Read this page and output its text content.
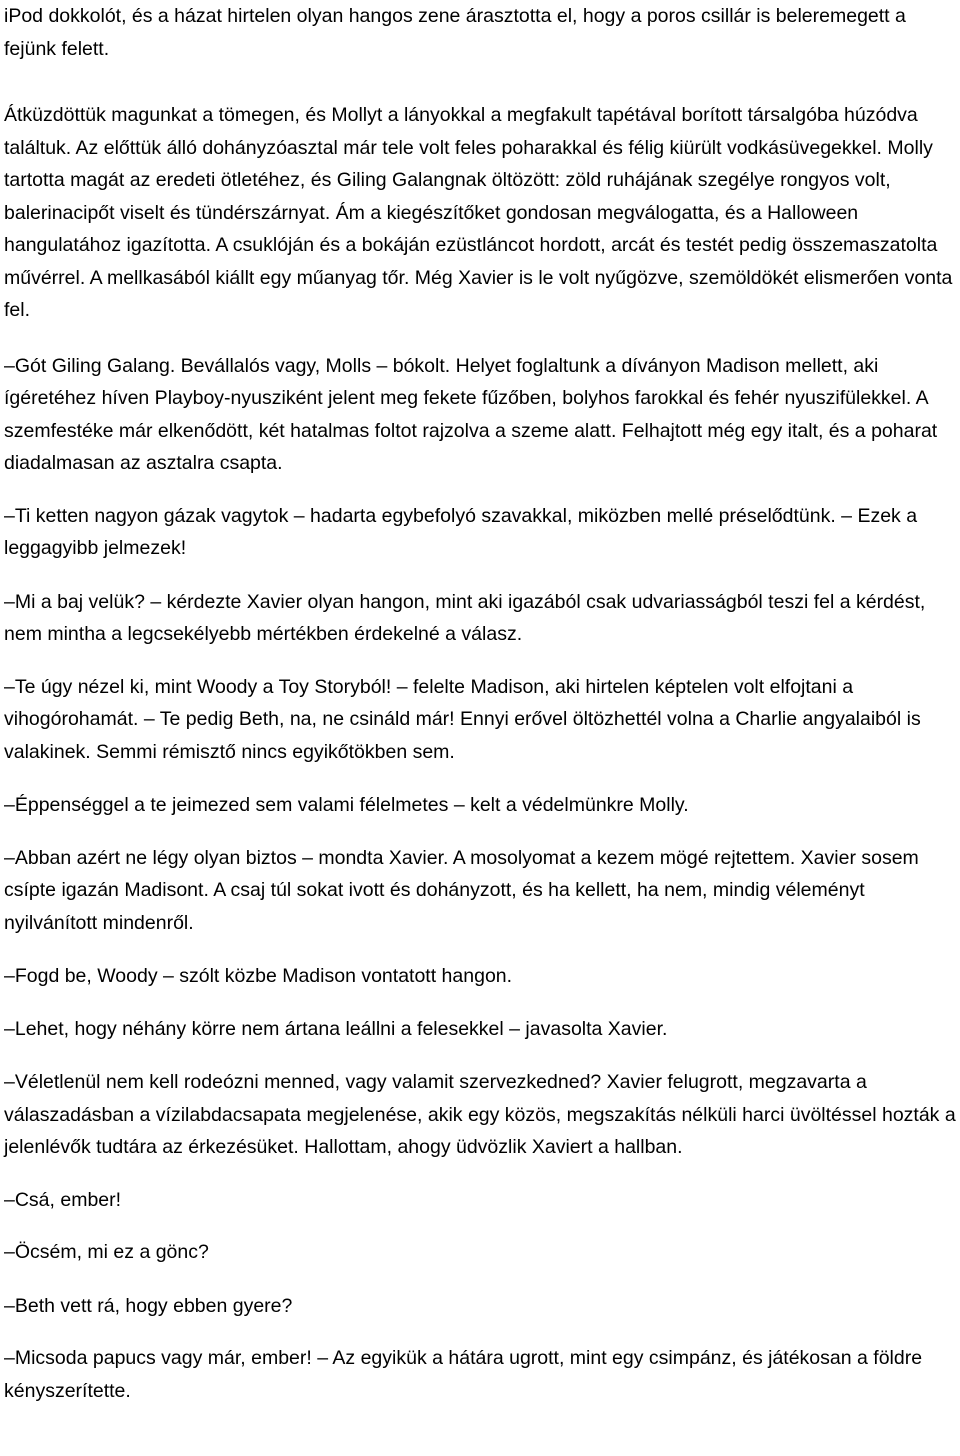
iPod dokkolót, és a házat hirtelen olyan hangos zene árasztotta el, hogy a poros csillár is beleremegett a fejünk felett.

Átküzdöttük magunkat a tömegen, és Mollyt a lányokkal a megfakult tapétával borított társalgóba húzódva találtuk. Az előttük álló dohányzóasztal már tele volt feles poharakkal és félig kiürült vodkásüvegekkel. Molly tartotta magát az eredeti ötletéhez, és Giling Galangnak öltözött: zöld ruhájának szegélye rongyos volt, balerinacipőt viselt és tündérszárnyat. Ám a kiegészítőket gondosan megválogatta, és a Halloween hangulatához igazította. A csuklóján és a bokáján ezüstláncot hordott, arcát és testét pedig összemaszatolta művérrel. A mellkasából kiállt egy műanyag tőr. Még Xavier is le volt nyűgözve, szemöldökét elismerően vonta fel.

–Gót Giling Galang. Bevállalós vagy, Molls – bókolt. Helyet foglaltunk a díványon Madison mellett, aki ígéretéhez híven Playboy-nyusziként jelent meg fekete fűzőben, bolyhos farokkal és fehér nyuszifülekkel. A szemfestéke már elkenődött, két hatalmas foltot rajzolva a szeme alatt. Felhajtott még egy italt, és a poharat diadalmasan az asztalra csapta.

–Ti ketten nagyon gázak vagytok – hadarta egybefolyó szavakkal, miközben mellé préselődtünk. – Ezek a leggagyibb jelmezek!

–Mi a baj velük? – kérdezte Xavier olyan hangon, mint aki igazából csak udvariasságból teszi fel a kérdést, nem mintha a legcsekélyebb mértékben érdekelné a válasz.

–Te úgy nézel ki, mint Woody a Toy Storyból! – felelte Madison, aki hirtelen képtelen volt elfojtani a vihogórohamát. – Te pedig Beth, na, ne csináld már! Ennyi erővel öltözhettél volna a Charlie angyalaiból is valakinek. Semmi rémisztő nincs egyikőtökben sem.

–Éppenséggel a te jeimezed sem valami félelmetes – kelt a védelmünkre Molly.

–Abban azért ne légy olyan biztos – mondta Xavier. A mosolyomat a kezem mögé rejtettem. Xavier sosem csípte igazán Madisont. A csaj túl sokat ivott és dohányzott, és ha kellett, ha nem, mindig véleményt nyilvánított mindenről.

–Fogd be, Woody – szólt közbe Madison vontatott hangon.

–Lehet, hogy néhány körre nem ártana leállni a felesekkel – javasolta Xavier.

–Véletlenül nem kell rodeózni menned, vagy valamit szervezkedned? Xavier felugrott, megzavarta a válaszadásban a vízilabdacsapata megjelenése, akik egy közös, megszakítás nélküli harci üvöltéssel hozták a jelenlévők tudtára az érkezésüket. Hallottam, ahogy üdvözlik Xaviert a hallban.

–Csá, ember!

–Öcsém, mi ez a gönc?

–Beth vett rá, hogy ebben gyere?

–Micsoda papucs vagy már, ember! – Az egyikük a hátára ugrott, mint egy csimpánz, és játékosan a földre kényszerítette.
